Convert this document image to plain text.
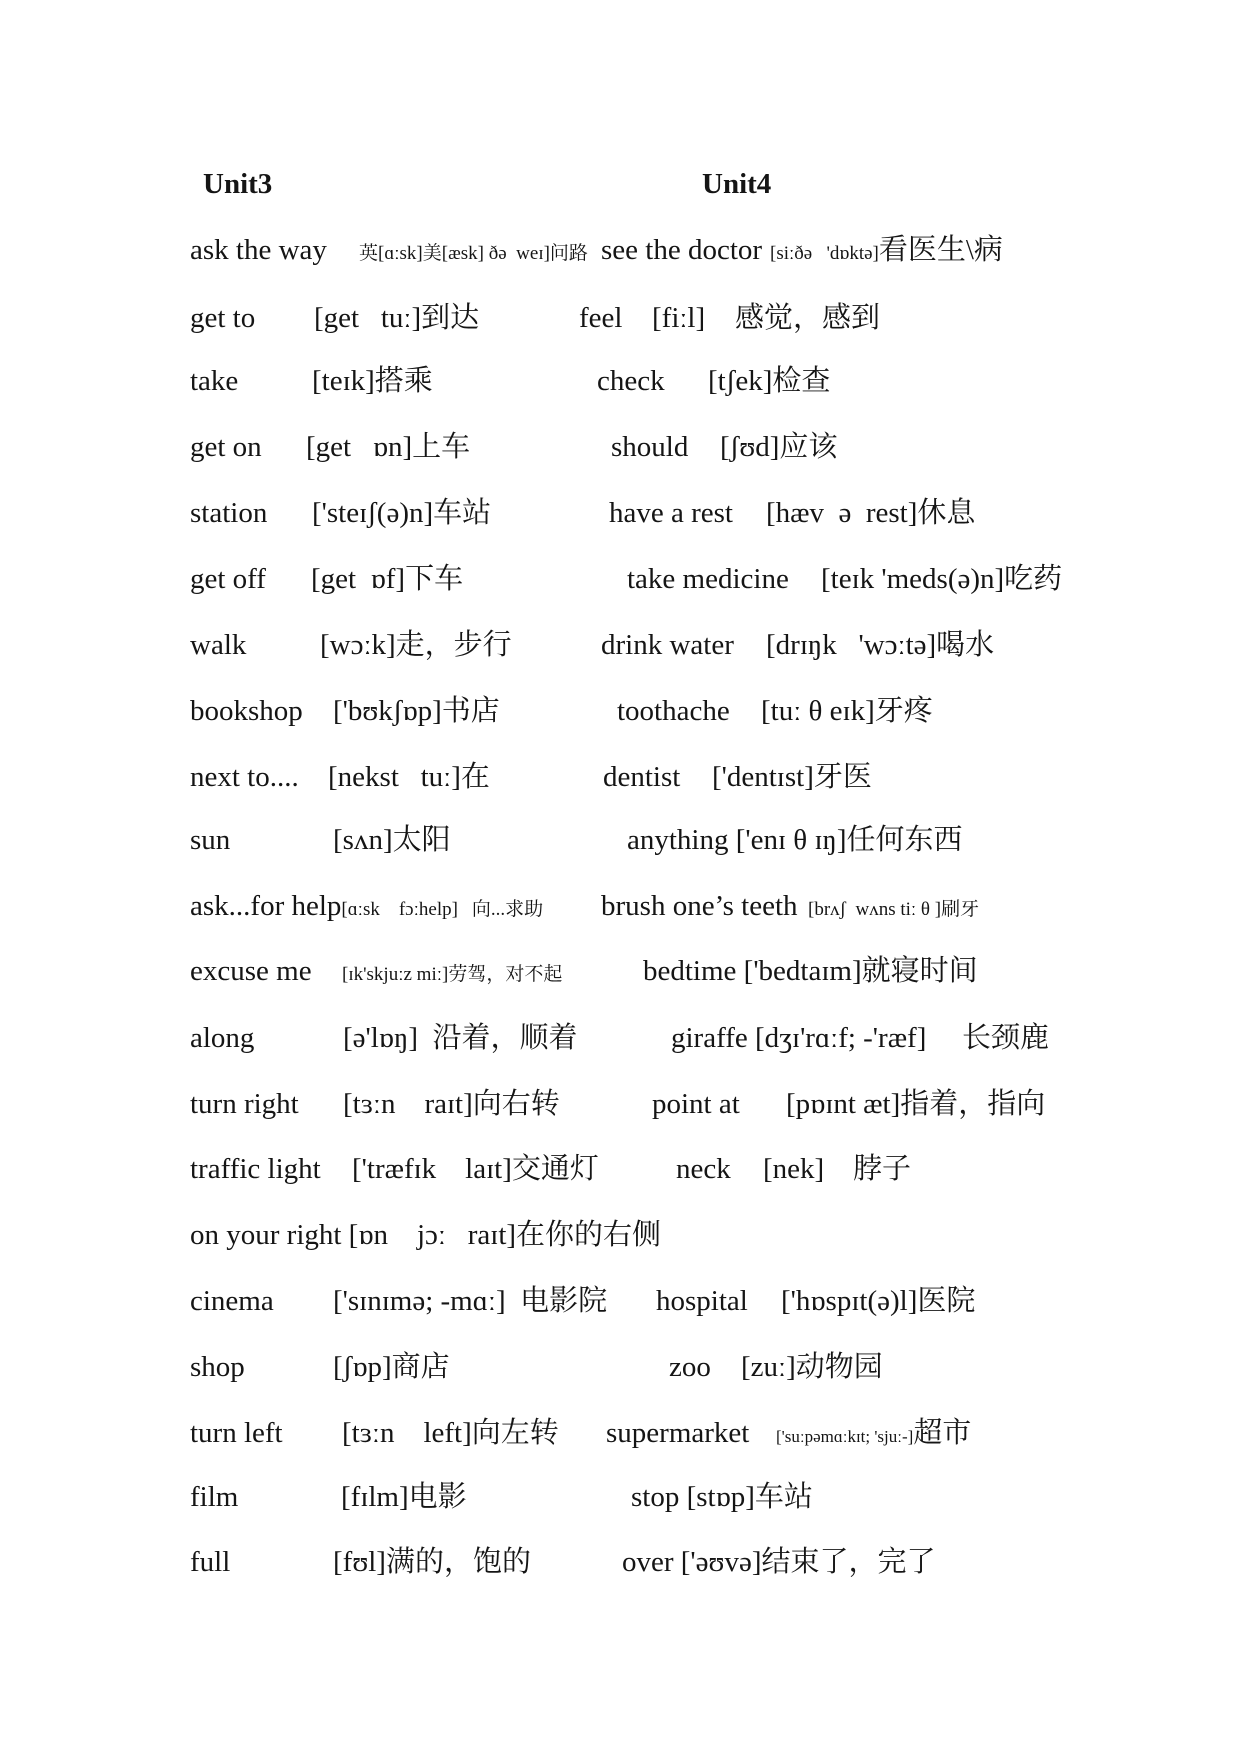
Unit3	Unit4
ask the way 英[ɑːsk]美[æsk] ðə  weɪ]问路 see the doctor [siːðə   'dɒktə]看医生\病
get to [get   tuː]到达	feel [fiːl] 感觉，感到
take	[teɪk]搭乘	check [tʃek]检查
get on [get   ɒn]上车	should [ʃʊd]应该
station ['steɪʃ(ə)n]车站	have a rest [hæv  ə  rest]休息
get off [get  ɒf]下车	take medicine [teɪk 'meds(ə)n]吃药
walk	[wɔːk]走，步行	drink water [drɪŋk   'wɔːtə]喝水
bookshop ['bʊkʃɒp]书店	toothache [tuː θ eɪk]牙疼
next to.... [nekst   tuː]在	dentist ['dentɪst]牙医
sun	[sʌn]太阳	anything ['enɪ θ ɪŋ]任何东西
ask...for help[ɑːsk    fɔːhelp] 向...求助 brush one’s teeth [brʌʃ  wʌns tiː θ ]刷牙
excuse me [ɪk'skjuːz miː]劳驾，对不起	bedtime ['bedtaɪm]就寝时间
along	[ə'lɒŋ]  沿着，顺着	giraffe [dʒɪ'rɑːf; -'ræf] 长颈鹿
turn right [tɜːn    raɪt]向右转	point at [pɒɪnt æt]指着，指向
traffic light ['træfɪk    laɪt]交通灯	neck [nek] 脖子
on your right [ɒn    jɔː   raɪt]在你的右侧
cinema ['sɪnɪmə; -mɑː]  电影院 hospital ['hɒspɪt(ə)l]医院
shop	[ʃɒp]商店	zoo [zuː]动物园
turn left [tɜːn    left]向左转 supermarket ['suːpəmɑːkɪt; 'sjuː-]超市
film	[fɪlm]电影	stop [stɒp]车站
full	[fʊl]满的，饱的	over ['əʊvə]结束了，完了
